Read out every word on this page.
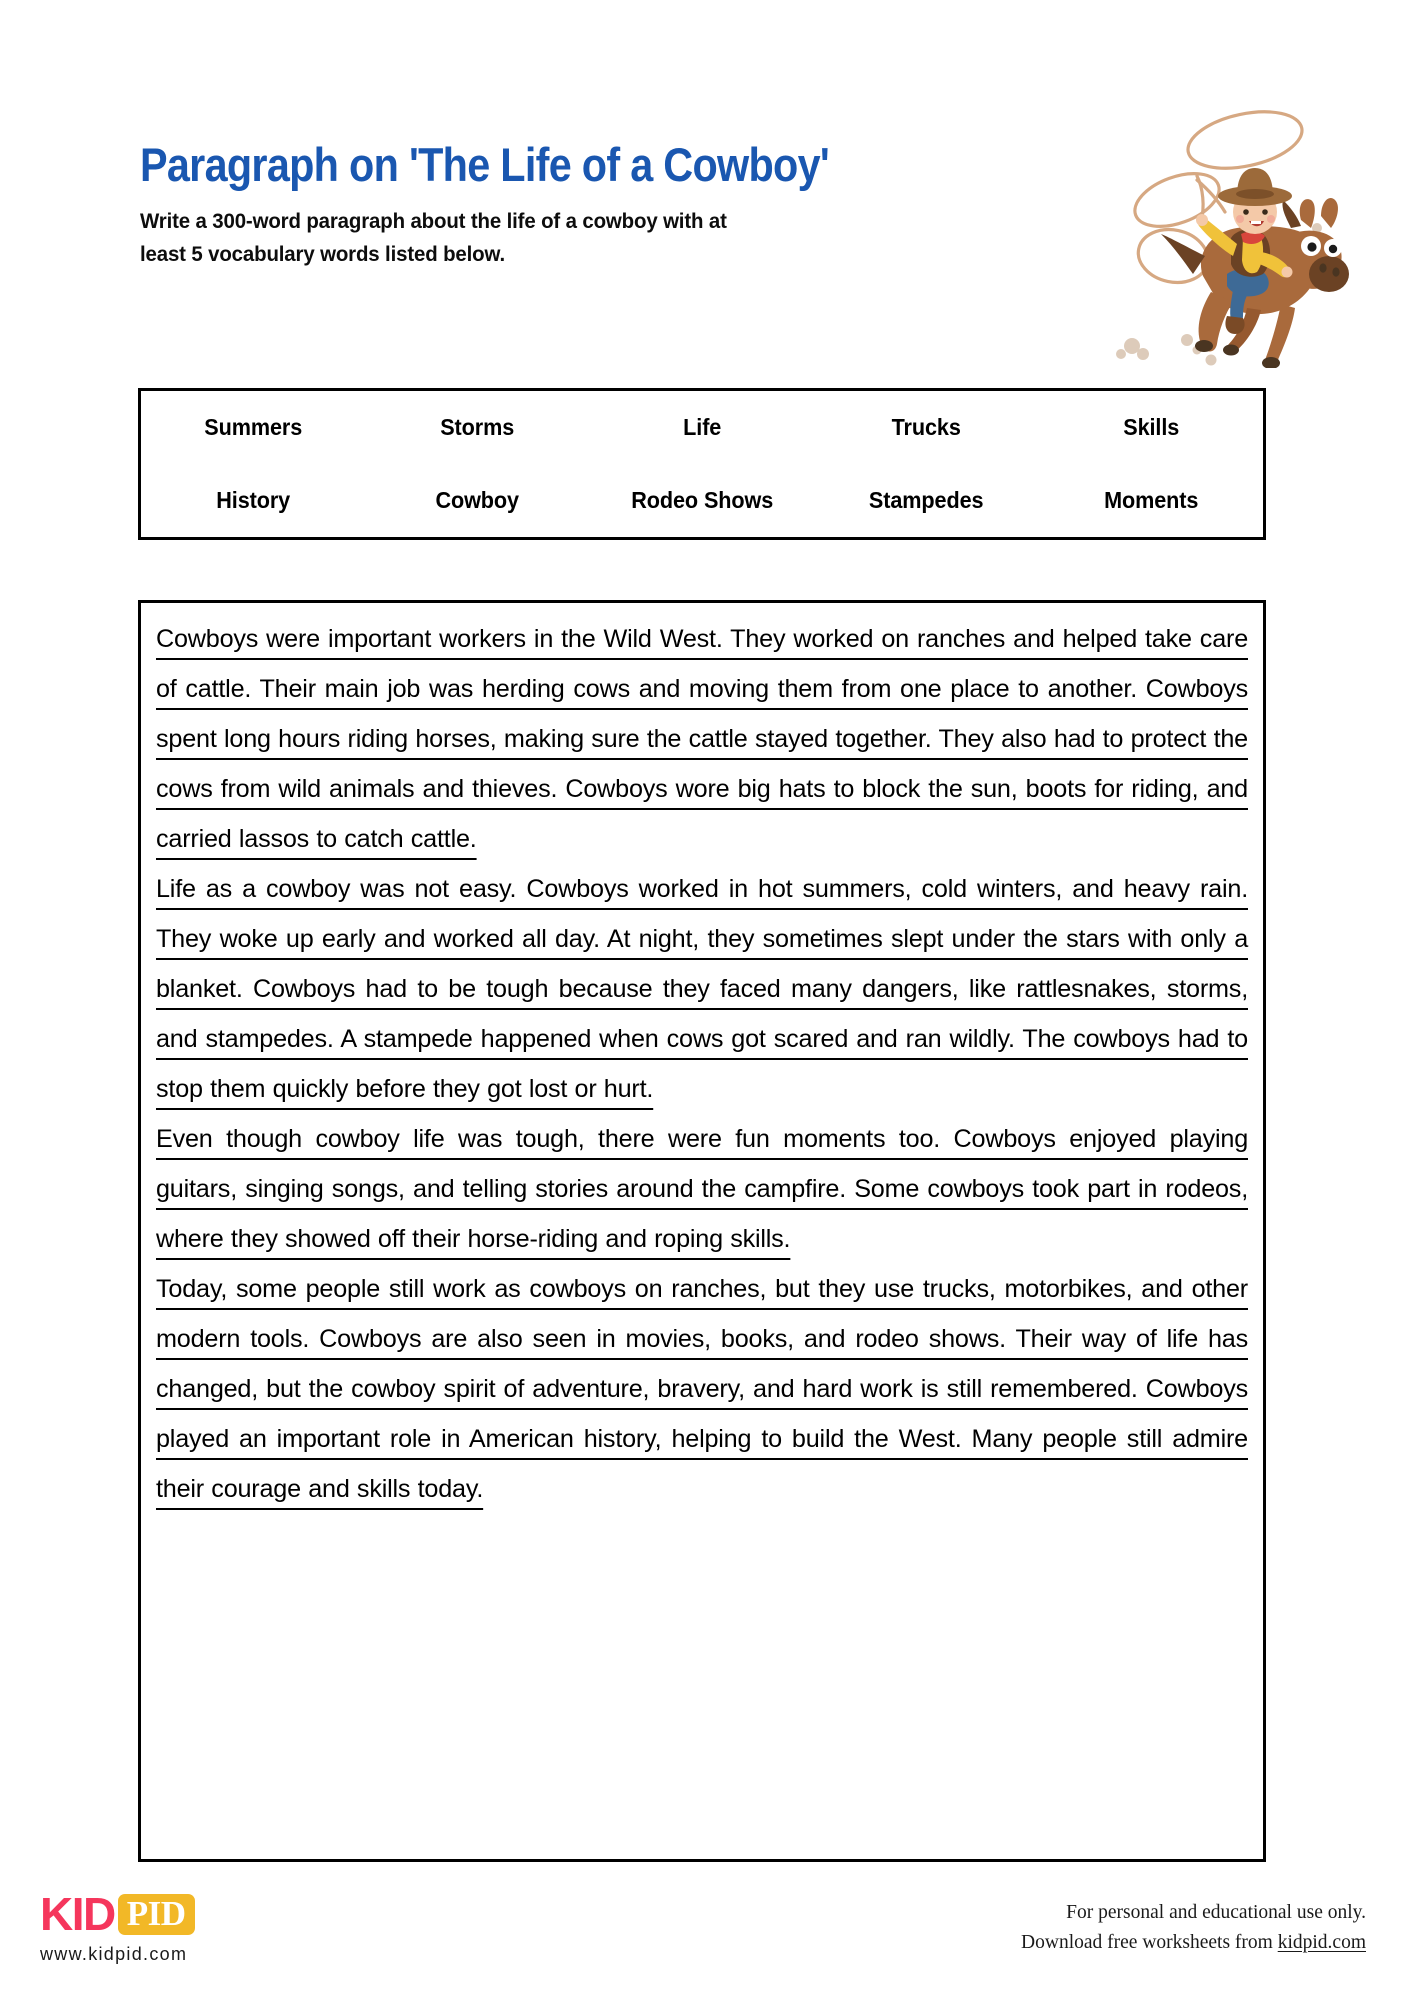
Paragraph on 'The Life of a Cowboy'
Write a 300-word paragraph about the life of a cowboy with at
least 5 vocabulary words listed below.
Summers	Storms	Life	Trucks	Skills
History	Cowboy	Rodeo Shows	Stampedes	Moments

Cowboys were important workers in the Wild West. They worked on ranches and helped take care of cattle. Their main job was herding cows and moving them from one place to another. Cowboys spent long hours riding horses, making sure the cattle stayed together. They also had to protect the cows from wild animals and thieves. Cowboys wore big hats to block the sun, boots for riding, and carried lassos to catch cattle.

Life as a cowboy was not easy. Cowboys worked in hot summers, cold winters, and heavy rain. They woke up early and worked all day. At night, they sometimes slept under the stars with only a blanket. Cowboys had to be tough because they faced many dangers, like rattlesnakes, storms, and stampedes. A stampede happened when cows got scared and ran wildly. The cowboys had to stop them quickly before they got lost or hurt.

Even though cowboy life was tough, there were fun moments too. Cowboys enjoyed playing guitars, singing songs, and telling stories around the campfire. Some cowboys took part in rodeos, where they showed off their horse-riding and roping skills.

Today, some people still work as cowboys on ranches, but they use trucks, motorbikes, and other modern tools. Cowboys are also seen in movies, books, and rodeo shows. Their way of life has changed, but the cowboy spirit of adventure, bravery, and hard work is still remembered. Cowboys played an important role in American history, helping to build the West. Many people still admire their courage and skills today.

KID PID
www.kidpid.com
For personal and educational use only.
Download free worksheets from kidpid.com
